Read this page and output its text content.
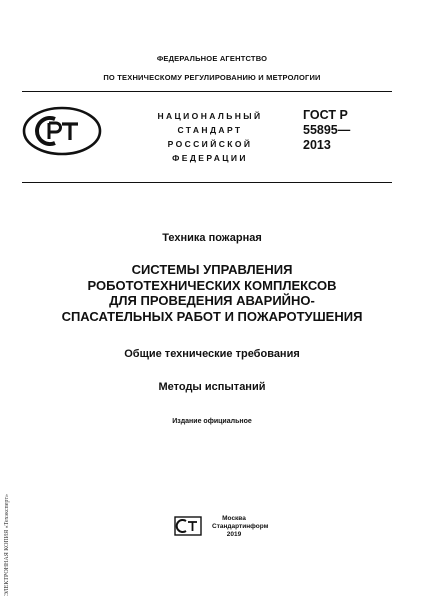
ФЕДЕРАЛЬНОЕ АГЕНТСТВО
ПО ТЕХНИЧЕСКОМУ РЕГУЛИРОВАНИЮ И МЕТРОЛОГИИ
НАЦИОНАЛЬНЫЙ
СТАНДАРТ
РОССИЙСКОЙ
ФЕДЕРАЦИИ
ГОСТ Р
55895—
2013
Техника пожарная
СИСТЕМЫ УПРАВЛЕНИЯ
РОБОТОТЕХНИЧЕСКИХ КОМПЛЕКСОВ
ДЛЯ ПРОВЕДЕНИЯ АВАРИЙНО-
СПАСАТЕЛЬНЫХ РАБОТ И ПОЖАРОТУШЕНИЯ
Общие технические требования
Методы испытаний
Издание официальное
Москва
Стандартинформ
2019
ЭЛЕКТРОННАЯ КОПИЯ «Техэксперт»
